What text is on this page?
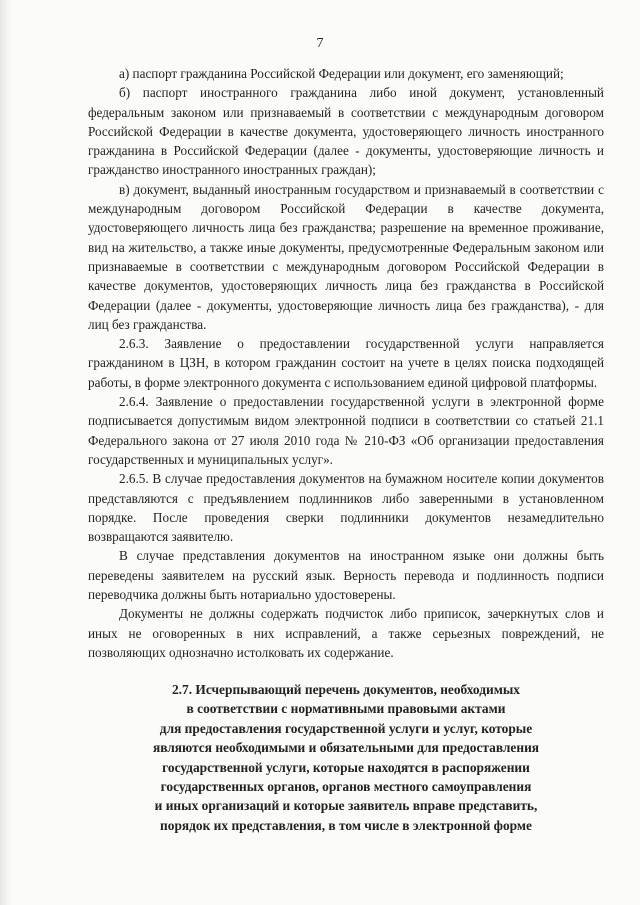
7

а) паспорт гражданина Российской Федерации или документ, его заменяющий;

б) паспорт иностранного гражданина либо иной документ, установленный федеральным законом или признаваемый в соответствии с международным договором Российской Федерации в качестве документа, удостоверяющего личность иностранного гражданина в Российской Федерации (далее - документы, удостоверяющие личность и гражданство иностранного иностранных граждан);

в) документ, выданный иностранным государством и признаваемый в соответствии с международным договором Российской Федерации в качестве документа, удостоверяющего личность лица без гражданства; разрешение на временное проживание, вид на жительство, а также иные документы, предусмотренные Федеральным законом или признаваемые в соответствии с международным договором Российской Федерации в качестве документов, удостоверяющих личность лица без гражданства в Российской Федерации (далее - документы, удостоверяющие личность лица без гражданства), - для лиц без гражданства.

2.6.3. Заявление о предоставлении государственной услуги направляется гражданином в ЦЗН, в котором гражданин состоит на учете в целях поиска подходящей работы, в форме электронного документа с использованием единой цифровой платформы.

2.6.4. Заявление о предоставлении государственной услуги в электронной форме подписывается допустимым видом электронной подписи в соответствии со статьей 21.1 Федерального закона от 27 июля 2010 года № 210-ФЗ «Об организации предоставления государственных и муниципальных услуг».

2.6.5. В случае предоставления документов на бумажном носителе копии документов представляются с предъявлением подлинников либо заверенными в установленном порядке. После проведения сверки подлинники документов незамедлительно возвращаются заявителю.

В случае представления документов на иностранном языке они должны быть переведены заявителем на русский язык. Верность перевода и подлинность подписи переводчика должны быть нотариально удостоверены.

Документы не должны содержать подчисток либо приписок, зачеркнутых слов и иных не оговоренных в них исправлений, а также серьезных повреждений, не позволяющих однозначно истолковать их содержание.

2.7. Исчерпывающий перечень документов, необходимых
в соответствии с нормативными правовыми актами
для предоставления государственной услуги и услуг, которые
являются необходимыми и обязательными для предоставления
государственной услуги, которые находятся в распоряжении
государственных органов, органов местного самоуправления
и иных организаций и которые заявитель вправе представить,
порядок их представления, в том числе в электронной форме
